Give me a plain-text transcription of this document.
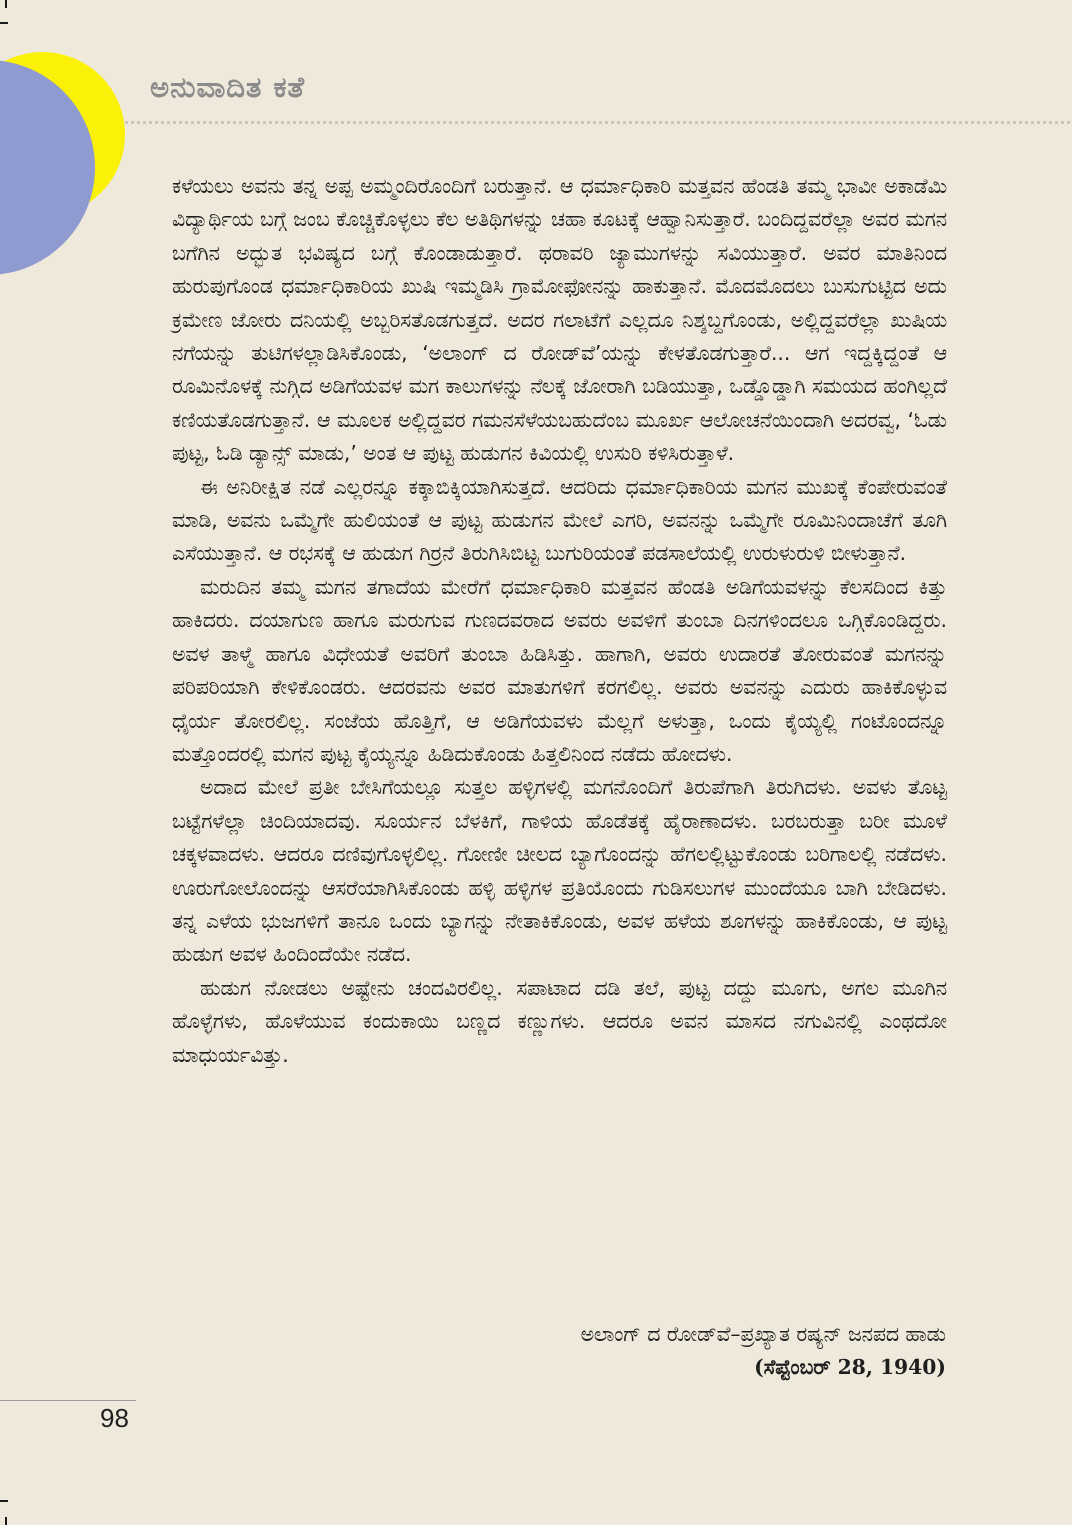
ಅನುವಾದಿತ ಕತೆ

ಕಳೆಯಲು ಅವನು ತನ್ನ ಅಪ್ಪ ಅಮ್ಮಂದಿರೊಂದಿಗೆ ಬರುತ್ತಾನೆ. ಆ ಧರ್ಮಾಧಿಕಾರಿ ಮತ್ತವನ ಹೆಂಡತಿ ತಮ್ಮ ಭಾವೀ ಅಕಾಡೆಮಿ ವಿದ್ಯಾರ್ಥಿಯ ಬಗ್ಗೆ ಜಂಬ ಕೊಚ್ಚಿಕೊಳ್ಳಲು ಕೆಲ ಅತಿಥಿಗಳನ್ನು ಚಹಾ ಕೂಟಕ್ಕೆ ಆಹ್ವಾನಿಸುತ್ತಾರೆ. ಬಂದಿದ್ದವರೆಲ್ಲಾ ಅವರ ಮಗನ ಬಗೆಗಿನ ಅದ್ಭುತ ಭವಿಷ್ಯದ ಬಗ್ಗೆ ಕೊಂಡಾಡುತ್ತಾರೆ. ಥರಾವರಿ ಜ್ಯಾಮುಗಳನ್ನು ಸವಿಯುತ್ತಾರೆ. ಅವರ ಮಾತಿನಿಂದ ಹುರುಪುಗೊಂಡ ಧರ್ಮಾಧಿಕಾರಿಯ ಖುಷಿ ಇಮ್ಮಡಿಸಿ ಗ್ರಾಮೋಫೋನನ್ನು ಹಾಕುತ್ತಾನೆ. ಮೊದಮೊದಲು ಬುಸುಗುಟ್ಟಿದ ಅದು ಕ್ರಮೇಣ ಜೋರು ದನಿಯಲ್ಲಿ ಅಬ್ಬರಿಸತೊಡಗುತ್ತದೆ. ಅದರ ಗಲಾಟೆಗೆ ಎಲ್ಲದೂ ನಿಶ್ಶಬ್ದಗೊಂಡು, ಅಲ್ಲಿದ್ದವರೆಲ್ಲಾ ಖುಷಿಯ ನಗೆಯನ್ನು ತುಟಿಗಳಲ್ಲಾಡಿಸಿಕೊಂಡು, ‘ಅಲಾಂಗ್ ದ ರೋಡ್‌ವೆ’ಯನ್ನು ಕೇಳತೊಡಗುತ್ತಾರೆ... ಆಗ ಇದ್ದಕ್ಕಿದ್ದಂತೆ ಆ ರೂಮಿನೊಳಕ್ಕೆ ನುಗ್ಗಿದ ಅಡಿಗೆಯವಳ ಮಗ ಕಾಲುಗಳನ್ನು ನೆಲಕ್ಕೆ ಜೋರಾಗಿ ಬಡಿಯುತ್ತಾ, ಒಡ್ಡೊಡ್ಡಾಗಿ ಸಮಯದ ಹಂಗಿಲ್ಲದೆ ಕಣಿಯತೊಡಗುತ್ತಾನೆ. ಆ ಮೂಲಕ ಅಲ್ಲಿದ್ದವರ ಗಮನಸೆಳೆಯಬಹುದೆಂಬ ಮೂರ್ಖ ಆಲೋಚನೆಯಿಂದಾಗಿ ಅದರವ್ವ, ‘ಓಡು ಪುಟ್ಟ, ಓಡಿ ಡ್ಯಾನ್ಸ್ ಮಾಡು,’ ಅಂತ ಆ ಪುಟ್ಟ ಹುಡುಗನ ಕಿವಿಯಲ್ಲಿ ಉಸುರಿ ಕಳಿಸಿರುತ್ತಾಳೆ.

ಈ ಅನಿರೀಕ್ಷಿತ ನಡೆ ಎಲ್ಲರನ್ನೂ ಕಕ್ಕಾಬಿಕ್ಕಿಯಾಗಿಸುತ್ತದೆ. ಆದರಿದು ಧರ್ಮಾಧಿಕಾರಿಯ ಮಗನ ಮುಖಕ್ಕೆ ಕೆಂಪೇರುವಂತೆ ಮಾಡಿ, ಅವನು ಒಮ್ಮೆಗೇ ಹುಲಿಯಂತೆ ಆ ಪುಟ್ಟ ಹುಡುಗನ ಮೇಲೆ ಎಗರಿ, ಅವನನ್ನು ಒಮ್ಮೆಗೇ ರೂಮಿನಿಂದಾಚೆಗೆ ತೂಗಿ ಎಸೆಯುತ್ತಾನೆ. ಆ ರಭಸಕ್ಕೆ ಆ ಹುಡುಗ ಗಿರ್ರನೆ ತಿರುಗಿಸಿಬಿಟ್ಟ ಬುಗುರಿಯಂತೆ ಪಡಸಾಲೆಯಲ್ಲಿ ಉರುಳುರುಳಿ ಬೀಳುತ್ತಾನೆ.

ಮರುದಿನ ತಮ್ಮ ಮಗನ ತಗಾದೆಯ ಮೇರೆಗೆ ಧರ್ಮಾಧಿಕಾರಿ ಮತ್ತವನ ಹೆಂಡತಿ ಅಡಿಗೆಯವಳನ್ನು ಕೆಲಸದಿಂದ ಕಿತ್ತು ಹಾಕಿದರು. ದಯಾಗುಣ ಹಾಗೂ ಮರುಗುವ ಗುಣದವರಾದ ಅವರು ಅವಳಿಗೆ ತುಂಬಾ ದಿನಗಳಿಂದಲೂ ಒಗ್ಗಿಕೊಂಡಿದ್ದರು. ಅವಳ ತಾಳ್ಮೆ ಹಾಗೂ ವಿಧೇಯತೆ ಅವರಿಗೆ ತುಂಬಾ ಹಿಡಿಸಿತ್ತು. ಹಾಗಾಗಿ, ಅವರು ಉದಾರತೆ ತೋರುವಂತೆ ಮಗನನ್ನು ಪರಿಪರಿಯಾಗಿ ಕೇಳಿಕೊಂಡರು. ಆದರವನು ಅವರ ಮಾತುಗಳಿಗೆ ಕರಗಲಿಲ್ಲ. ಅವರು ಅವನನ್ನು ಎದುರು ಹಾಕಿಕೊಳ್ಳುವ ಧೈರ್ಯ ತೋರಲಿಲ್ಲ. ಸಂಜೆಯ ಹೊತ್ತಿಗೆ, ಆ ಅಡಿಗೆಯವಳು ಮೆಲ್ಲಗೆ ಅಳುತ್ತಾ, ಒಂದು ಕೈಯ್ಯಲ್ಲಿ ಗಂಟೊಂದನ್ನೂ ಮತ್ತೊಂದರಲ್ಲಿ ಮಗನ ಪುಟ್ಟ ಕೈಯ್ಯನ್ನೂ ಹಿಡಿದುಕೊಂಡು ಹಿತ್ತಲಿನಿಂದ ನಡೆದು ಹೋದಳು.

ಅದಾದ ಮೇಲೆ ಪ್ರತೀ ಬೇಸಿಗೆಯಲ್ಲೂ ಸುತ್ತಲ ಹಳ್ಳಿಗಳಲ್ಲಿ ಮಗನೊಂದಿಗೆ ತಿರುಪೆಗಾಗಿ ತಿರುಗಿದಳು. ಅವಳು ತೊಟ್ಟ ಬಟ್ಟೆಗಳೆಲ್ಲಾ ಚಿಂದಿಯಾದವು. ಸೂರ್ಯನ ಬೆಳಕಿಗೆ, ಗಾಳಿಯ ಹೊಡೆತಕ್ಕೆ ಹೈರಾಣಾದಳು. ಬರಬರುತ್ತಾ ಬರೀ ಮೂಳೆ ಚಕ್ಕಳವಾದಳು. ಆದರೂ ದಣಿವುಗೊಳ್ಳಲಿಲ್ಲ. ಗೋಣೀ ಚೀಲದ ಬ್ಯಾಗೊಂದನ್ನು ಹೆಗಲಲ್ಲಿಟ್ಟುಕೊಂಡು ಬರಿಗಾಲಲ್ಲಿ ನಡೆದಳು. ಊರುಗೋಲೊಂದನ್ನು ಆಸರೆಯಾಗಿಸಿಕೊಂಡು ಹಳ್ಳಿ ಹಳ್ಳಿಗಳ ಪ್ರತಿಯೊಂದು ಗುಡಿಸಲುಗಳ ಮುಂದೆಯೂ ಬಾಗಿ ಬೇಡಿದಳು. ತನ್ನ ಎಳೆಯ ಭುಜಗಳಿಗೆ ತಾನೂ ಒಂದು ಬ್ಯಾಗನ್ನು ನೇತಾಕಿಕೊಂಡು, ಅವಳ ಹಳೆಯ ಶೂಗಳನ್ನು ಹಾಕಿಕೊಂಡು, ಆ ಪುಟ್ಟ ಹುಡುಗ ಅವಳ ಹಿಂದಿಂದೆಯೇ ನಡೆದ.

ಹುಡುಗ ನೋಡಲು ಅಷ್ಟೇನು ಚಂದವಿರಲಿಲ್ಲ. ಸಪಾಟಾದ ದಡಿ ತಲೆ, ಪುಟ್ಟ ದದ್ದು ಮೂಗು, ಅಗಲ ಮೂಗಿನ ಹೊಳ್ಳೆಗಳು, ಹೊಳೆಯುವ ಕಂದುಕಾಯಿ ಬಣ್ಣದ ಕಣ್ಣುಗಳು. ಆದರೂ ಅವನ ಮಾಸದ ನಗುವಿನಲ್ಲಿ ಎಂಥದೋ ಮಾಧುರ್ಯವಿತ್ತು.

ಅಲಾಂಗ್ ದ ರೋಡ್‌ವೆ–ಪ್ರಖ್ಯಾತ ರಷ್ಯನ್ ಜನಪದ ಹಾಡು
(ಸೆಪ್ಟೆಂಬರ್ 28, 1940)
98
